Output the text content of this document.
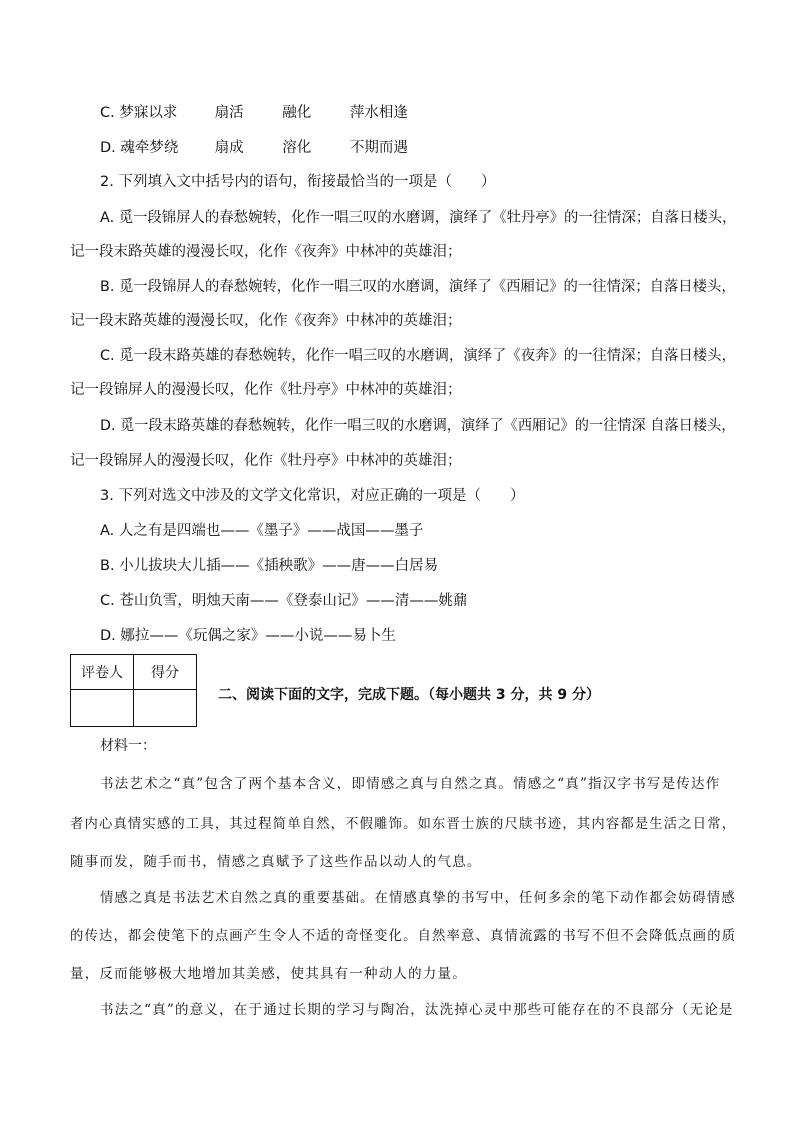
C. 梦寐以求	扇活	融化	萍水相逢
D. 魂牵梦绕 扇成	溶化	不期而遇
2. 下列填入文中括号内的语句，衔接最恰当的一项是（　　）
A. 觅一段锦屏人的春愁婉转，化作一唱三叹的水磨调，演绎了《牡丹亭》的一往情深；自落日楼头，
记一段末路英雄的漫漫长叹，化作《夜奔》中林冲的英雄泪；
B. 觅一段锦屏人的春愁婉转，化作一唱三叹的水磨调，演绎了《西厢记》的一往情深；自落日楼头，
记一段末路英雄的漫漫长叹，化作《夜奔》中林冲的英雄泪；
C. 觅一段末路英雄的春愁婉转，化作一唱三叹的水磨调，演绎了《夜奔》的一往情深；自落日楼头，
记一段锦屏人的漫漫长叹，化作《牡丹亭》中林冲的英雄泪；
D. 觅一段末路英雄的春愁婉转，化作一唱三叹的水磨调，演绎了《西厢记》的一往情深 自落日楼头，
记一段锦屏人的漫漫长叹，化作《牡丹亭》中林冲的英雄泪；
3. 下列对选文中涉及的文学文化常识，对应正确的一项是（　　）
A. 人之有是四端也——《墨子》——战国——墨子
B. 小儿拔块大儿插——《插秧歌》——唐——白居易
C. 苍山负雪，明烛天南——《登泰山记》——清——姚鼐
D. 娜拉——《玩偶之家》——小说——易卜生
评卷人	得分

二、阅读下面的文字，完成下题。（每小题共 3 分，共 9 分）
材料一：
书法艺术之“真”包含了两个基本含义，即情感之真与自然之真。情感之“真”指汉字书写是传达作
者内心真情实感的工具，其过程简单自然，不假雕饰。如东晋士族的尺牍书迹，其内容都是生活之日常，
随事而发，随手而书，情感之真赋予了这些作品以动人的气息。
情感之真是书法艺术自然之真的重要基础。在情感真挚的书写中，任何多余的笔下动作都会妨碍情感
的传达，都会使笔下的点画产生令人不适的奇怪变化。自然率意、真情流露的书写不但不会降低点画的质
量，反而能够极大地增加其美感，使其具有一种动人的力量。
书法之“真”的意义，在于通过长期的学习与陶冶，汰洗掉心灵中那些可能存在的不良部分（无论是
